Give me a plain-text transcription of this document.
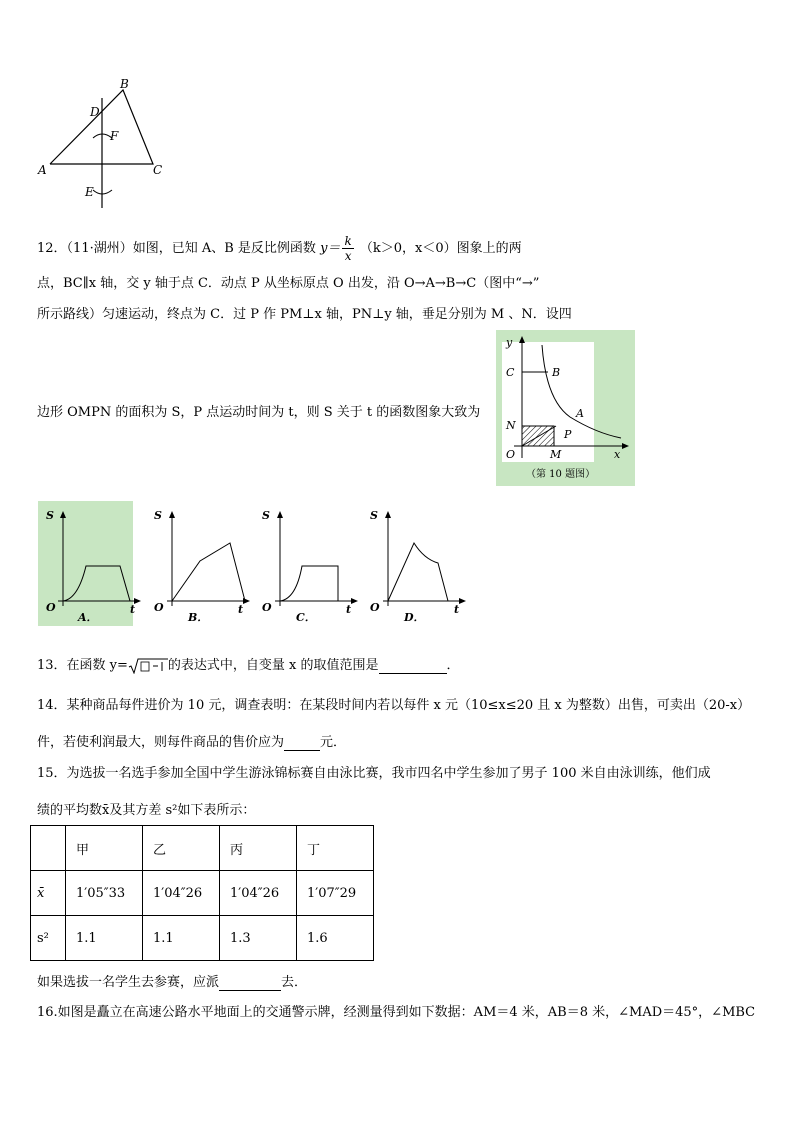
B
D
F
A	C
E
12．（11·湖州）如图，已知 A、B 是反比例函数 $y= \frac{k}{x} (k>0$，x＜0）图象上的两
点，BC∥x 轴，交 y 轴于点 C．动点 P 从坐标原点 O 出发，沿 O→A→B→C（图中“→”
所示路线）匀速运动，终点为 C．过 P 作 PM⊥x 轴，PN⊥y 轴，垂足分别为 M 、N．设四
边形 OMPN 的面积为 S，P 点运动时间为 t，则 S 关于 t 的函数图象大致为
y
C	B
A
N
P
O	M	x
（第 10 题图）
S
O	t
A．
S
O	t
B．
S
O	t
C．
S
O	t
D．
13．在函数 y=	的表达式中，自变量 x 的取值范围是	．
14．某种商品每件进价为 10 元，调查表明：在某段时间内若以每件 x 元（10≤x≤20 且 x 为整数）出售，可卖出（20-x）
件，若使利润最大，则每件商品的售价应为	元．
15．为选拔一名选手参加全国中学生游泳锦标赛自由泳比赛，我市四名中学生参加了男子 100 米自由泳训练，他们成
绩的平均数x̄及其方差 s²如下表所示：
	甲	乙	丙	丁
x̄	1′05″33	1′04″26	1′04″26	1′07″29
s²	1.1	1.1	1.3	1.6
如果选拔一名学生去参赛，应派	去．
16.如图是矗立在高速公路水平地面上的交通警示牌，经测量得到如下数据：AM＝4 米，AB＝8 米，∠MAD＝45°，∠MBC
